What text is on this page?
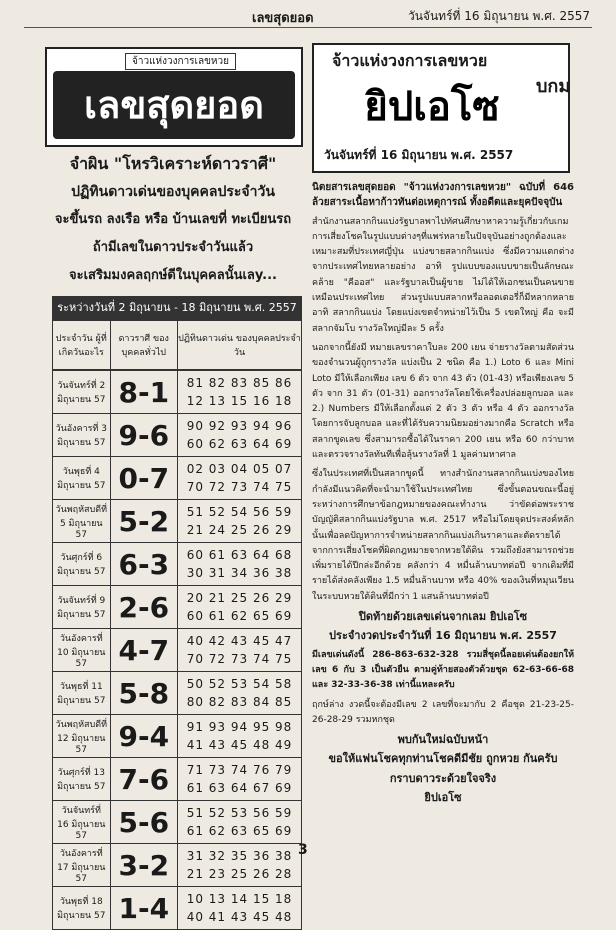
เลขสุดยอด	วันจันทร์ที่ 16 มิถุนายน พ.ศ. 2557
จ้าวแห่งวงการเลขหวย
เลขสุดยอด
จำผิน "โหรวิเคราะห์ดาวราศี"
ปฏิทินดาวเด่นของบุคคลประจำวัน
จะขึ้นรถ ลงเรือ หรือ บ้านเลขที่ ทะเบียนรถ
ถ้ามีเลขในดาวประจำวันแล้ว
จะเสริมมงคลฤกษ์ดีในบุคคลนั้นเลy...
ระหว่างวันที่ 2 มิถุนายน - 18 มิถุนายน พ.ศ. 2557
ประจำวัน ผู้ที่เกิดวันอะไร
ดาวราศี ของบุคคลทั่วไป
ปฏิทินดาวเด่น ของบุคคลประจำวัน
วันจันทร์ที่ 2 มิถุนายน 57 8-1	81 82 83 85 86
12 13 15 16 18
วันอังคารที่ 3 มิถุนายน 57 9-6	90 92 93 94 96
60 62 63 64 69
วันพุธที่ 4 มิถุนายน 57 0-7	02 03 04 05 07
70 72 73 74 75
วันพฤหัสบดีที่ 5 มิถุนายน 57	5-2	51 52 54 56 59
21 24 25 26 29
วันศุกร์ที่ 6 มิถุนายน 57 6-3	60 61 63 64 68
30 31 34 36 38
วันจันทร์ที่ 9 มิถุนายน 57 2-6	20 21 25 26 29
60 61 62 65 69
วันอังคารที่ 10 มิถุนายน 57	4-7	40 42 43 45 47
70 72 73 74 75
วันพุธที่ 11 มิถุนายน 57 5-8	50 52 53 54 58
80 82 83 84 85
วันพฤหัสบดีที่ 12 มิถุนายน 57	9-4	91 93 94 95 98
41 43 45 48 49
วันศุกร์ที่ 13 มิถุนายน 57 7-6	71 73 74 76 79
61 63 64 67 69
วันจันทร์ที่ 16 มิถุนายน 57	5-6	51 52 53 56 59
61 62 63 65 69
วันอังคารที่ 17 มิถุนายน 57	3-2	31 32 35 36 38
21 23 25 26 28
วันพุธที่ 18 มิถุนายน 57 1-4	10 13 14 15 18
40 41 43 45 48
จ้าวแห่งวงการเลขหวย
ยิปเอโซ	บกม
วันจันทร์ที่ 16 มิถุนายน พ.ศ. 2557

นิตยสารเลขสุดยอด "จ้าวแห่งวงการเลขหวย" ฉบับที่ 646 ล้วยสาระเนื้อหาก้าวทันต่อเหตุการณ์ ทั้งอดีตและยุคปัจจุบัน

สำนักงานสลากกินแบ่งรัฐบาลพาไปทัศนศึกษาหาความรู้เกี่ยวกับเกมการเสี่ยงโชคในรูปแบบต่างๆที่แพร่หลายในปัจจุบันอย่างถูกต้องและเหมาะสมที่ประเทศญี่ปุ่น แบ่งขายสลากกินแบ่ง ซึ่งมีความแตกต่างจากประเทศไทยหลายอย่าง อาทิ รูปแบบของแบบขายเป็นลักษณะคล้าย "คีออส" และรัฐบาลเป็นผู้ขาย ไม่ได้ให้เอกชนเป็นคนขายเหมือนประเทศไทย ส่วนรูปแบบสลากหรือลอตเตอรี่ก็มีหลากหลาย อาทิ สลากกินแบ่ง โดยแบ่งเขตจำหน่ายไว้เป็น 5 เขตใหญ่ คือ จะมีสลากจัมโบ รางวัลใหญ่มีละ 5 ครั้ง

นอกจากนี้ยังมี หมายเลขราคาใบละ 200 เยน จ่ายรางวัลตามสัดส่วนของจำนวนผู้ถูกรางวัล แบ่งเป็น 2 ชนิด คือ 1.) Loto 6 และ Mini Loto มีให้เลือกเพียง เลข 6 ตัว จาก 43 ตัว (01-43) หรือเพียงเลข 5 ตัว จาก 31 ตัว (01-31) ออกรางวัลโดยใช้เครื่องปล่อยลูกบอล และ 2.) Numbers มีให้เลือกตั้งแต่ 2 ตัว 3 ตัว หรือ 4 ตัว ออกรางวัลโดยการจับลูกบอล และที่ได้รับความนิยมอย่างมากคือ Scratch หรือสลากขูดเลข ซึ่งสามารถซื้อได้ในราคา 200 เยน หรือ 60 กว่าบาท และตรวจรางวัลทันทีเพื่อลุ้นรางวัลที่ 1 มูลค่ามหาศาล

ซึ่งในประเทศที่เป็นสลากขูดนี้ ทางสำนักงานสลากกินแบ่งของไทยกำลังมีแนวคิดที่จะนำมาใช้ในประเทศไทย ซึ่งขั้นตอนขณะนี้อยู่ระหว่างการศึกษาข้อกฎหมายของคณะทำงาน ว่าขัดต่อพระราชบัญญัติสลากกินแบ่งรัฐบาล พ.ศ. 2517 หรือไม่โดยจุดประสงค์หลักนั้นเพื่อลดปัญหาการจำหน่ายสลากกินแบ่งเกินราคาและตัดรายได้จากการเสี่ยงโชคที่ผิดกฎหมายจากหวยใต้ดิน รวมถึงยังสามารถช่วยเพิ่มรายได้ปีกล่ะอีกด้วย คลังกว่า 4 หมื่นล้านบาทต่อปี จากเดิมที่มีรายได้ส่งคลังเพียง 1.5 หมื่นล้านบาท หรือ 40% ของเงินที่หมุนเวียนในระบบหวยใต้ดินที่มีกว่า 1 แสนล้านบาทต่อปี

ปิดท้ายด้วยเลขเด่นจากเลม ยิปเอโซ

ประจำงวดประจำวันที่ 16 มิถุนายน พ.ศ. 2557

มีเลขเด่นดังนี้ 286-863-632-328 รวมสี่ชุดนี้ลอยเด่นต้องยกให้เลข 6 กับ 3 เป็นตัวยืน ตามคู่ท้ายสองตัวด้วยชุด 62-63-66-68 และ 32-33-36-38 เท่านี้แหละครับ

ฤกษ์ล่าง งวดนี้จะต้องมีเลข 2 เลขที่จะมากับ 2 คือชุด 21-23-25-26-28-29 รวมหกชุด

พบกันใหม่ฉบับหน้า

ขอให้แฟนโชคทุกท่านโชคดีมีชัย ถูกหวย กันครับ

กราบดาวระด้วยใจจริง

ยิปเอโซ

3
